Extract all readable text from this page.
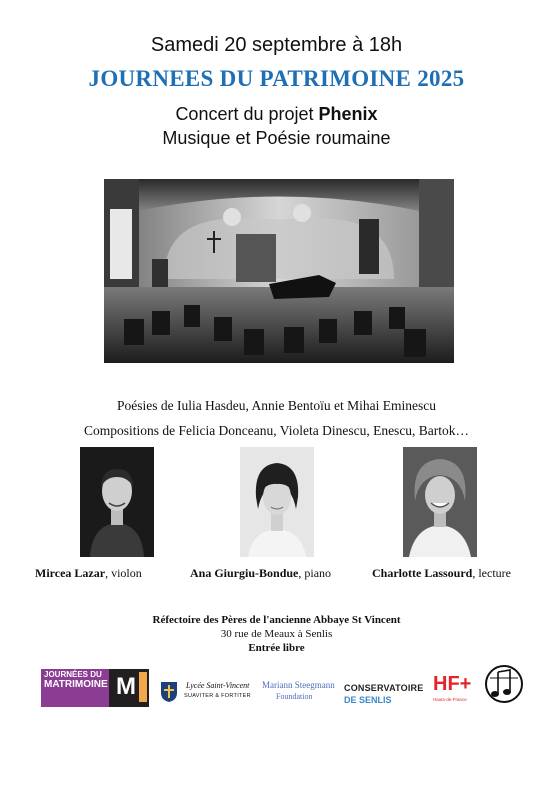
Samedi 20 septembre à 18h
JOURNEES DU PATRIMOINE 2025
Concert du projet Phenix
Musique et Poésie roumaine
Poésies de Iulia Hasdeu, Annie Bentoïu et Mihai Eminescu
Compositions de Felicia Donceanu, Violeta Dinescu, Enescu, Bartok…
Mircea Lazar, violon	Ana Giurgiu-Bondue, piano	Charlotte Lassourd, lecture
Réfectoire des Pères de l'ancienne Abbaye St Vincent
30 rue de Meaux à Senlis
Entrée libre
JOURNÉES DU
MATRIMOINE M	Lycée Saint-Vincent
SUAVITER & FORTITER
Mariann Steegmann
Foundation
CONSERVATOIRE
DE SENLIS
HF+
Hauts-de-France
